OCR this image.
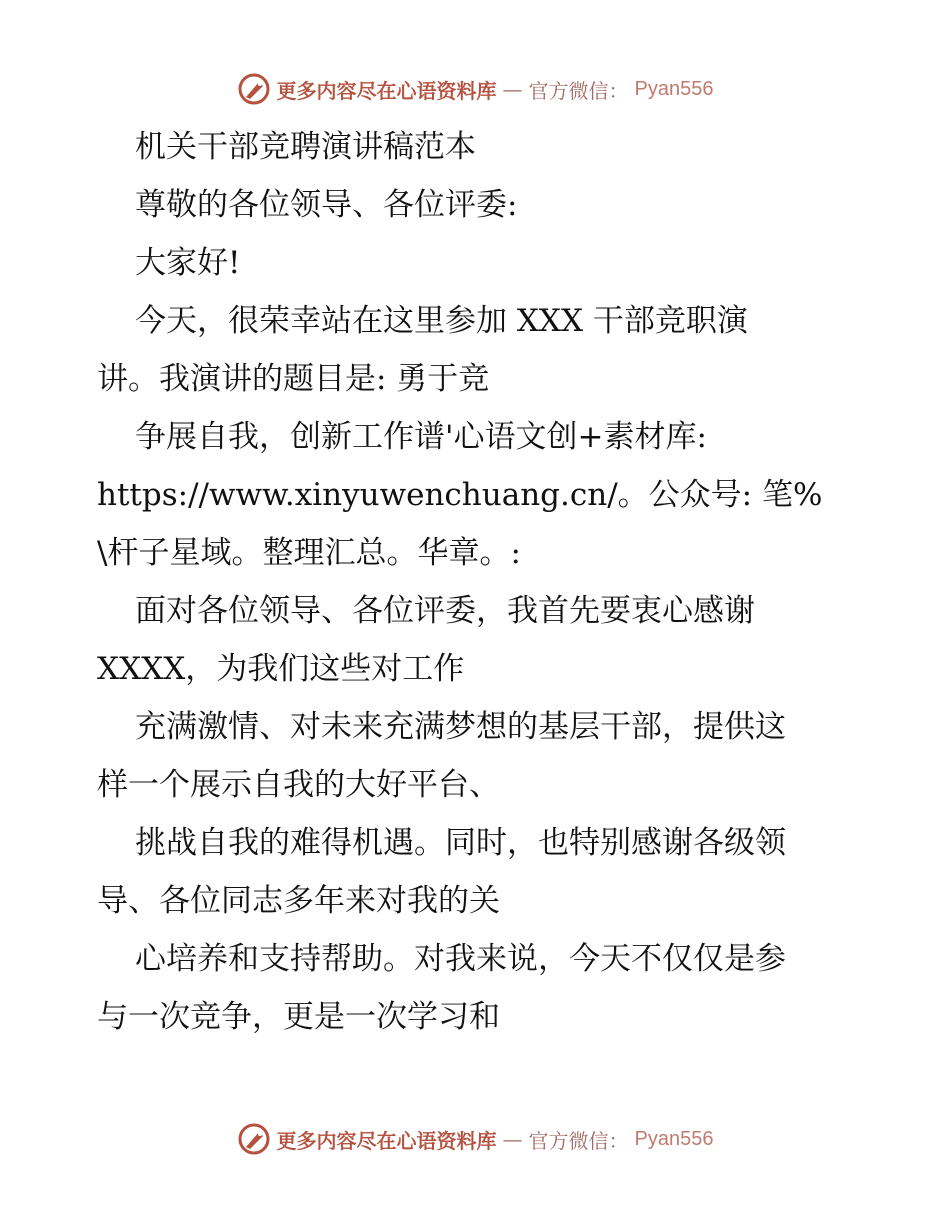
更多内容尽在心语资料库 — 官方微信： Pyan556
机关干部竞聘演讲稿范本
尊敬的各位领导、各位评委:
大家好!
今天，很荣幸站在这里参加 XXX 干部竞职演
讲。我演讲的题目是: 勇于竞
争展自我，创新工作谱'心语文创+素材库:
https://www.xinyuwenchuang.cn/。公众号: 笔%
\杆子星域。整理汇总。华章。:
面对各位领导、各位评委，我首先要衷心感谢
XXXX，为我们这些对工作
充满激情、对未来充满梦想的基层干部，提供这
样一个展示自我的大好平台、
挑战自我的难得机遇。同时，也特别感谢各级领
导、各位同志多年来对我的关
心培养和支持帮助。对我来说，今天不仅仅是参
与一次竞争，更是一次学习和
更多内容尽在心语资料库 — 官方微信： Pyan556
